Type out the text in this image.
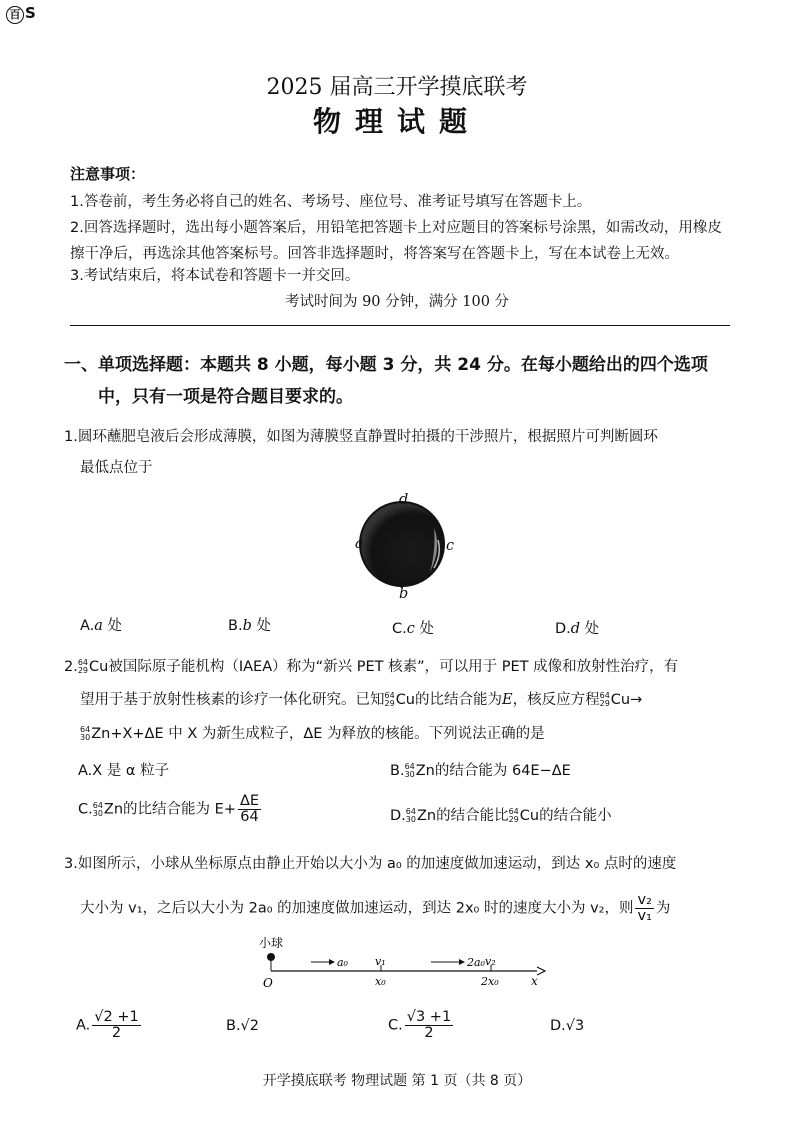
百 S
2025 届高三开学摸底联考
物理试题
注意事项：
1.答卷前，考生务必将自己的姓名、考场号、座位号、准考证号填写在答题卡上。
2.回答选择题时，选出每小题答案后，用铅笔把答题卡上对应题目的答案标号涂黑，如需改动，用橡皮
擦干净后，再选涂其他答案标号。回答非选择题时，将答案写在答题卡上，写在本试卷上无效。
3.考试结束后，将本试卷和答题卡一并交回。
考试时间为 90 分钟，满分 100 分
一、单项选择题：本题共 8 小题，每小题 3 分，共 24 分。在每小题给出的四个选项
中，只有一项是符合题目要求的。
1.圆环蘸肥皂液后会形成薄膜，如图为薄膜竖直静置时拍摄的干涉照片，根据照片可判断圆环
最低点位于
d
a	c
b
A.a 处	B.b 处	C.c 处	D.d 处
2. 64
29 Cu被国际原子能机构（IAEA）称为“新兴 PET 核素”，可以用于 PET 成像和放射性治疗，有
望用于基于放射性核素的诊疗一体化研究。已知 64
29 Cu的比结合能为E，核反应方程 64
29 Cu→
64
30 Zn+X+ΔE 中 X 为新生成粒子，ΔE 为释放的核能。下列说法正确的是
A.X 是 α 粒子	B. 64
30 Zn的结合能为 64E−ΔE
C. 64
30 Zn的比结合能为 $E+ \frac{\Delta E}{64}$	D. 64
30 Zn的结合能比 64
29 Cu的结合能小
3.如图所示，小球从坐标原点由静止开始以大小为 a₀ 的加速度做加速运动，到达 x₀ 点时的速度
大小为 v₁，之后以大小为 2a₀ 的加速度做加速运动，到达 2x₀ 时的速度大小为 v₂，则 $\frac{\text{v₂}}{\text{v₁}}$ 为
小球
O
a₀ v₁
x₀
2a₀ v₂
2x₀	x
A. $\frac{√2 +1}{2}$	B.√2	C. $\frac{√3 +1}{2}$	D.√3
开学摸底联考 物理试题 第 1 页（共 8 页）
